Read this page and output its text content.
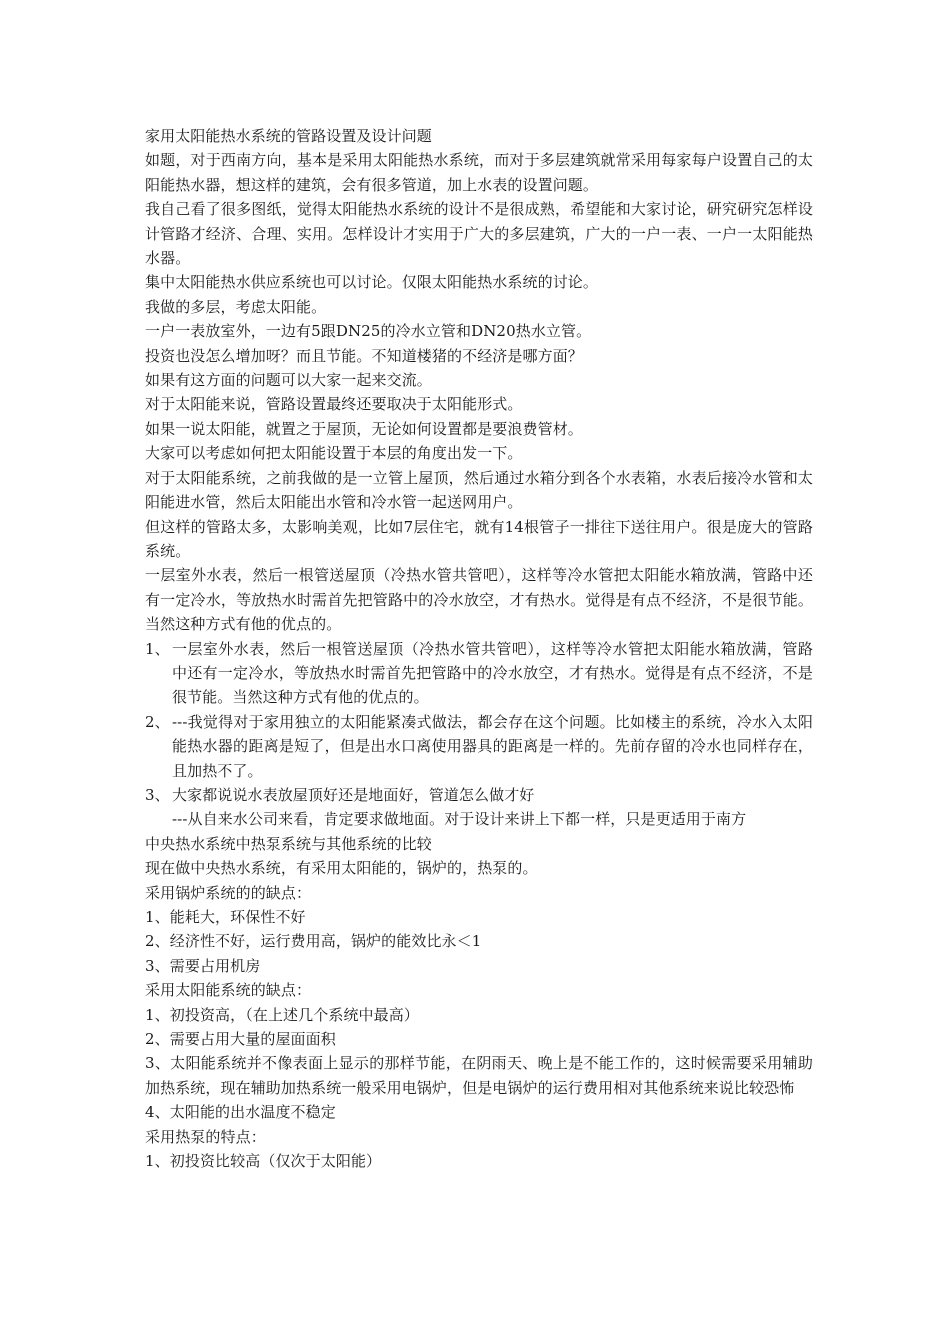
家用太阳能热水系统的管路设置及设计问题

如题，对于西南方向，基本是采用太阳能热水系统，而对于多层建筑就常采用每家每户设置自己的太阳能热水器，想这样的建筑，会有很多管道，加上水表的设置问题。

我自己看了很多图纸，觉得太阳能热水系统的设计不是很成熟，希望能和大家讨论，研究研究怎样设计管路才经济、合理、实用。怎样设计才实用于广大的多层建筑，广大的一户一表、一户一太阳能热水器。

集中太阳能热水供应系统也可以讨论。仅限太阳能热水系统的讨论。

我做的多层，考虑太阳能。

一户一表放室外，一边有5跟DN25的冷水立管和DN20热水立管。

投资也没怎么增加呀？而且节能。不知道楼猪的不经济是哪方面？

如果有这方面的问题可以大家一起来交流。

对于太阳能来说，管路设置最终还要取决于太阳能形式。

如果一说太阳能，就置之于屋顶，无论如何设置都是要浪费管材。

大家可以考虑如何把太阳能设置于本层的角度出发一下。

对于太阳能系统，之前我做的是一立管上屋顶，然后通过水箱分到各个水表箱，水表后接冷水管和太阳能进水管，然后太阳能出水管和冷水管一起送网用户。

但这样的管路太多，太影响美观，比如7层住宅，就有14根管子一排往下送往用户。很是庞大的管路系统。

一层室外水表，然后一根管送屋顶（冷热水管共管吧），这样等冷水管把太阳能水箱放满，管路中还有一定冷水，等放热水时需首先把管路中的冷水放空，才有热水。觉得是有点不经济，不是很节能。当然这种方式有他的优点的。

1、 一层室外水表，然后一根管送屋顶（冷热水管共管吧），这样等冷水管把太阳能水箱放满，管路中还有一定冷水，等放热水时需首先把管路中的冷水放空，才有热水。觉得是有点不经济，不是很节能。当然这种方式有他的优点的。
2、 ---我觉得对于家用独立的太阳能紧凑式做法，都会存在这个问题。比如楼主的系统，冷水入太阳能热水器的距离是短了，但是出水口离使用器具的距离是一样的。先前存留的冷水也同样存在，且加热不了。
3、 大家都说说水表放屋顶好还是地面好，管道怎么做才好

---从自来水公司来看，肯定要求做地面。对于设计来讲上下都一样，只是更适用于南方

中央热水系统中热泵系统与其他系统的比较

现在做中央热水系统，有采用太阳能的，锅炉的，热泵的。

采用锅炉系统的的缺点：

1、能耗大，环保性不好

2、经济性不好，运行费用高，锅炉的能效比永＜1

3、需要占用机房

采用太阳能系统的缺点：

1、初投资高，（在上述几个系统中最高）

2、需要占用大量的屋面面积

3、太阳能系统并不像表面上显示的那样节能，在阴雨天、晚上是不能工作的，这时候需要采用辅助加热系统，现在辅助加热系统一般采用电锅炉，但是电锅炉的运行费用相对其他系统来说比较恐怖

4、太阳能的出水温度不稳定

采用热泵的特点：

1、初投资比较高（仅次于太阳能）
